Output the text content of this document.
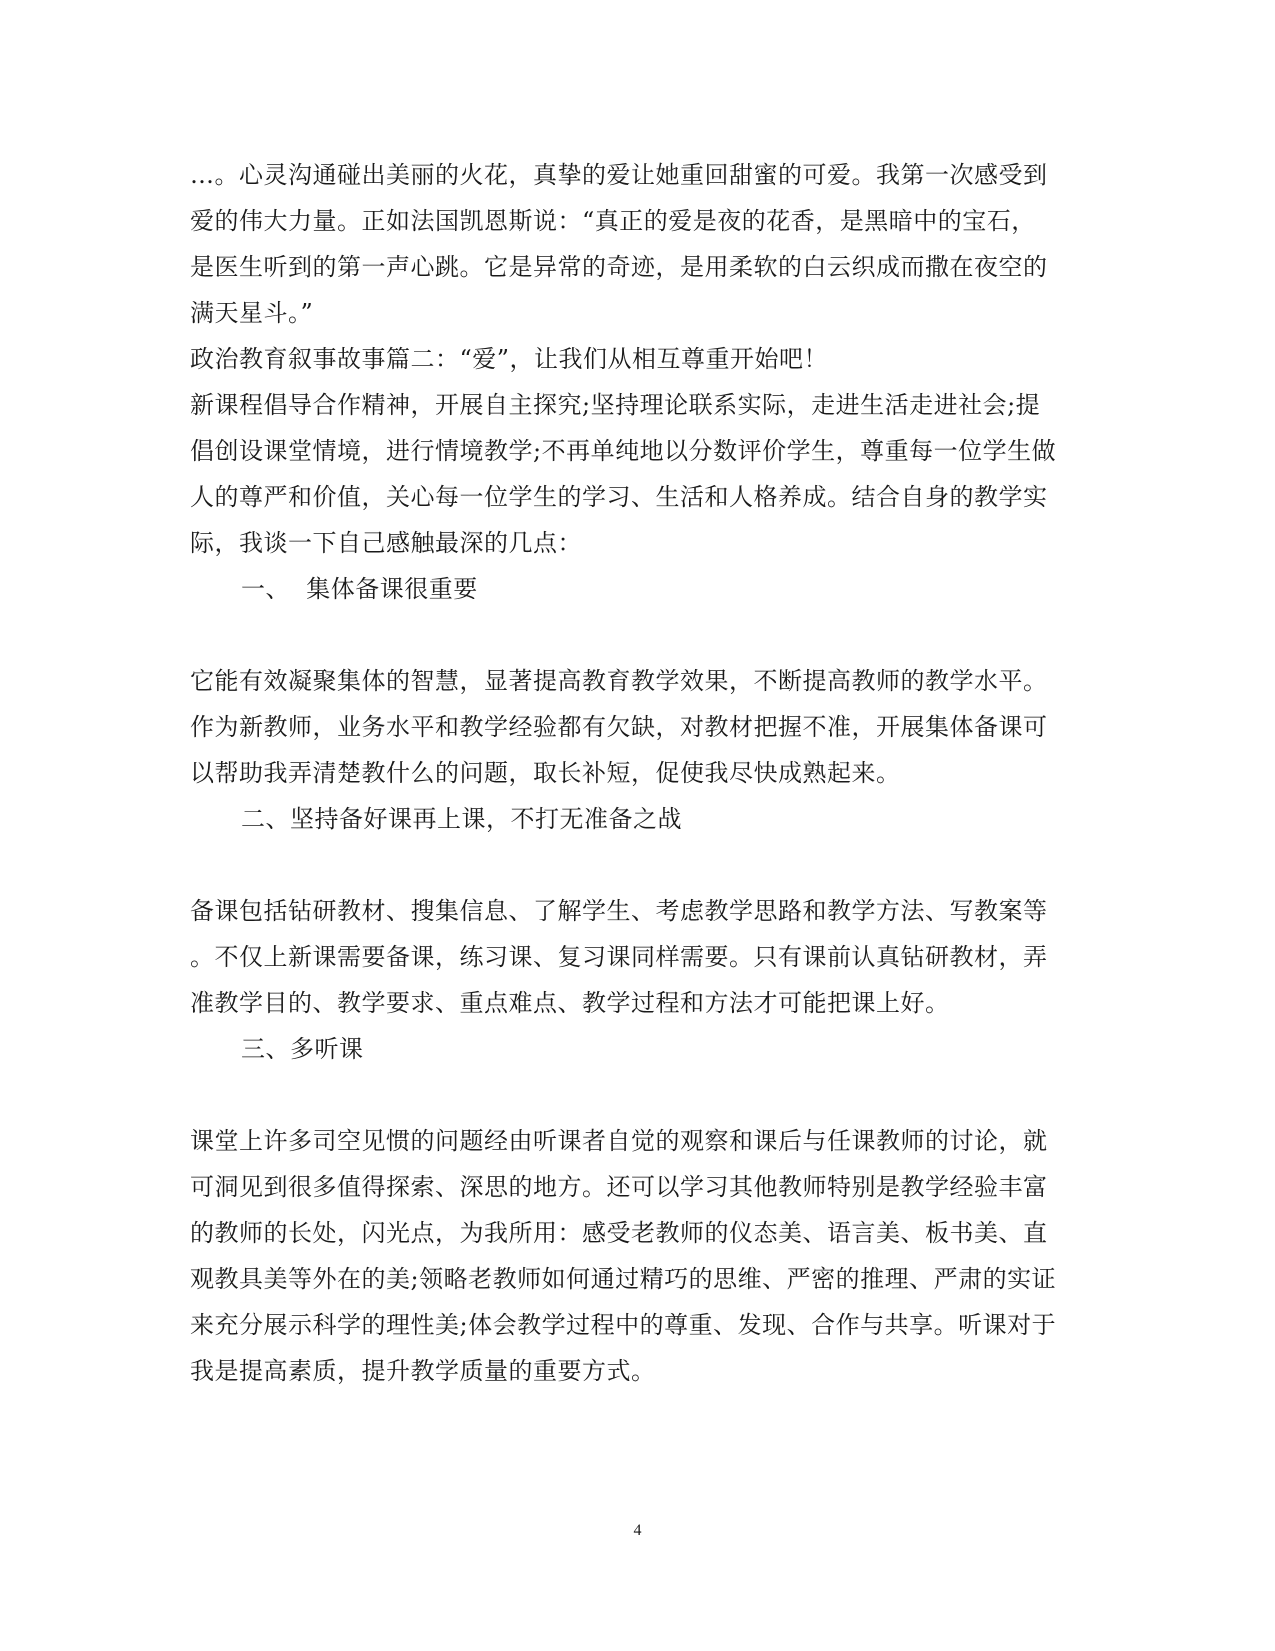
…。心灵沟通碰出美丽的火花，真挚的爱让她重回甜蜜的可爱。我第一次感受到
爱的伟大力量。正如法国凯恩斯说：“真正的爱是夜的花香，是黑暗中的宝石，
是医生听到的第一声心跳。它是异常的奇迹，是用柔软的白云织成而撒在夜空的
满天星斗。”
政治教育叙事故事篇二：“爱”，让我们从相互尊重开始吧！
新课程倡导合作精神，开展自主探究;坚持理论联系实际，走进生活走进社会;提
倡创设课堂情境，进行情境教学;不再单纯地以分数评价学生，尊重每一位学生做
人的尊严和价值，关心每一位学生的学习、生活和人格养成。结合自身的教学实
际，我谈一下自己感触最深的几点：
一、  集体备课很重要
它能有效凝聚集体的智慧，显著提高教育教学效果，不断提高教师的教学水平。
作为新教师，业务水平和教学经验都有欠缺，对教材把握不准，开展集体备课可
以帮助我弄清楚教什么的问题，取长补短，促使我尽快成熟起来。
二、坚持备好课再上课，不打无准备之战
备课包括钻研教材、搜集信息、了解学生、考虑教学思路和教学方法、写教案等
。不仅上新课需要备课，练习课、复习课同样需要。只有课前认真钻研教材，弄
准教学目的、教学要求、重点难点、教学过程和方法才可能把课上好。
三、多听课
课堂上许多司空见惯的问题经由听课者自觉的观察和课后与任课教师的讨论，就
可洞见到很多值得探索、深思的地方。还可以学习其他教师特别是教学经验丰富
的教师的长处，闪光点，为我所用：感受老教师的仪态美、语言美、板书美、直
观教具美等外在的美;领略老教师如何通过精巧的思维、严密的推理、严肃的实证
来充分展示科学的理性美;体会教学过程中的尊重、发现、合作与共享。听课对于
我是提高素质，提升教学质量的重要方式。
4
